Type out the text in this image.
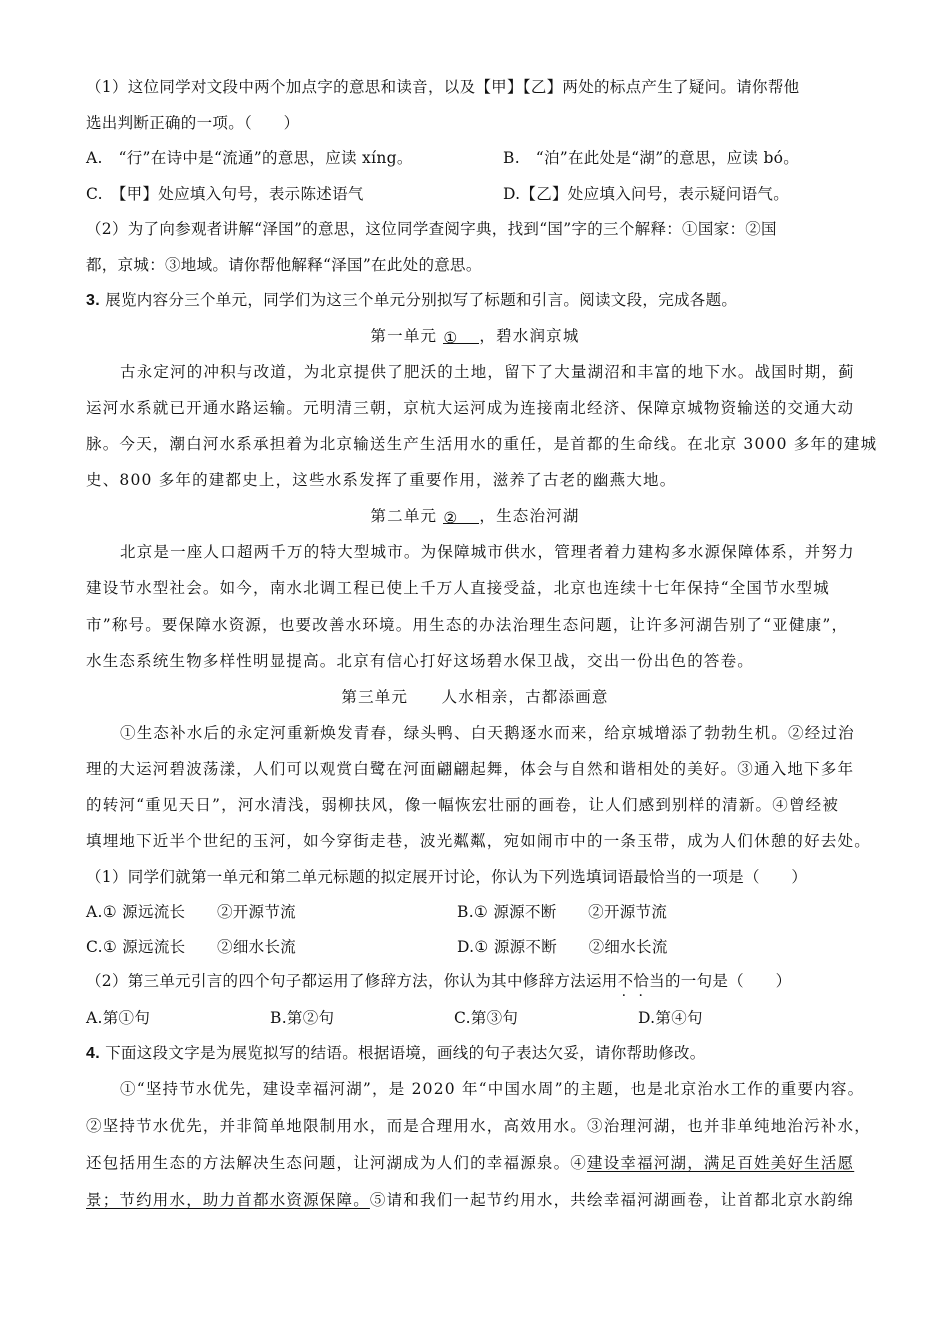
（1）这位同学对文段中两个加点字的意思和读音，以及【甲】【乙】两处的标点产生了疑问。请你帮他
选出判断正确的一项。（　　）
A.　“行”在诗中是“流通”的意思，应读 xíng。	B.　“泊”在此处是“湖”的意思，应读 bó。
C.　【甲】处应填入句号，表示陈述语气	D.【乙】处应填入问号，表示疑问语气。
（2）为了向参观者讲解“泽国”的意思，这位同学查阅字典，找到“国”字的三个解释：①国家：②国
都，京城：③地域。请你帮他解释“泽国”在此处的意思。
3. 展览内容分三个单元，同学们为这三个单元分别拟写了标题和引言。阅读文段，完成各题。
第一单元 ① ，碧水润京城
古永定河的冲积与改道，为北京提供了肥沃的土地，留下了大量湖沼和丰富的地下水。战国时期，蓟
运河水系就已开通水路运输。元明清三朝，京杭大运河成为连接南北经济、保障京城物资输送的交通大动
脉。今天，潮白河水系承担着为北京输送生产生活用水的重任，是首都的生命线。在北京 3000 多年的建城
史、800 多年的建都史上，这些水系发挥了重要作用，滋养了古老的幽燕大地。
第二单元 ② ，生态治河湖
北京是一座人口超两千万的特大型城市。为保障城市供水，管理者着力建构多水源保障体系，并努力
建设节水型社会。如今，南水北调工程已使上千万人直接受益，北京也连续十七年保持“全国节水型城
市”称号。要保障水资源，也要改善水环境。用生态的办法治理生态问题，让许多河湖告别了“亚健康”，
水生态系统生物多样性明显提高。北京有信心打好这场碧水保卫战，交出一份出色的答卷。
第三单元　　人水相亲，古都添画意
①生态补水后的永定河重新焕发青春，绿头鸭、白天鹅逐水而来，给京城增添了勃勃生机。②经过治
理的大运河碧波荡漾，人们可以观赏白鹭在河面翩翩起舞，体会与自然和谐相处的美好。③通入地下多年
的转河“重见天日”，河水清浅，弱柳扶风，像一幅恢宏壮丽的画卷，让人们感到别样的清新。④曾经被
填埋地下近半个世纪的玉河，如今穿街走巷，波光粼粼，宛如闹市中的一条玉带，成为人们休憩的好去处。
（1）同学们就第一单元和第二单元标题的拟定展开讨论，你认为下列选填词语最恰当的一项是（　　）
A.① 源远流长　　②开源节流	B.① 源源不断　　②开源节流
C.① 源远流长　　②细水长流	D.① 源源不断　　②细水长流
（2）第三单元引言的四个句子都运用了修辞方法，你认为其中修辞方法运用不恰当 · ·的一句是（　　）
A.第①句	B.第②句	C.第③句	D.第④句
4. 下面这段文字是为展览拟写的结语。根据语境，画线的句子表达欠妥，请你帮助修改。
①“坚持节水优先，建设幸福河湖”，是 2020 年“中国水周”的主题，也是北京治水工作的重要内容。
②坚持节水优先，并非简单地限制用水，而是合理用水，高效用水。③治理河湖，也并非单纯地治污补水，
还包括用生态的方法解决生态问题，让河湖成为人们的幸福源泉。④建设幸福河湖，满足百姓美好生活愿
景；节约用水，助力首都水资源保障。⑤请和我们一起节约用水，共绘幸福河湖画卷，让首都北京水韵绵
